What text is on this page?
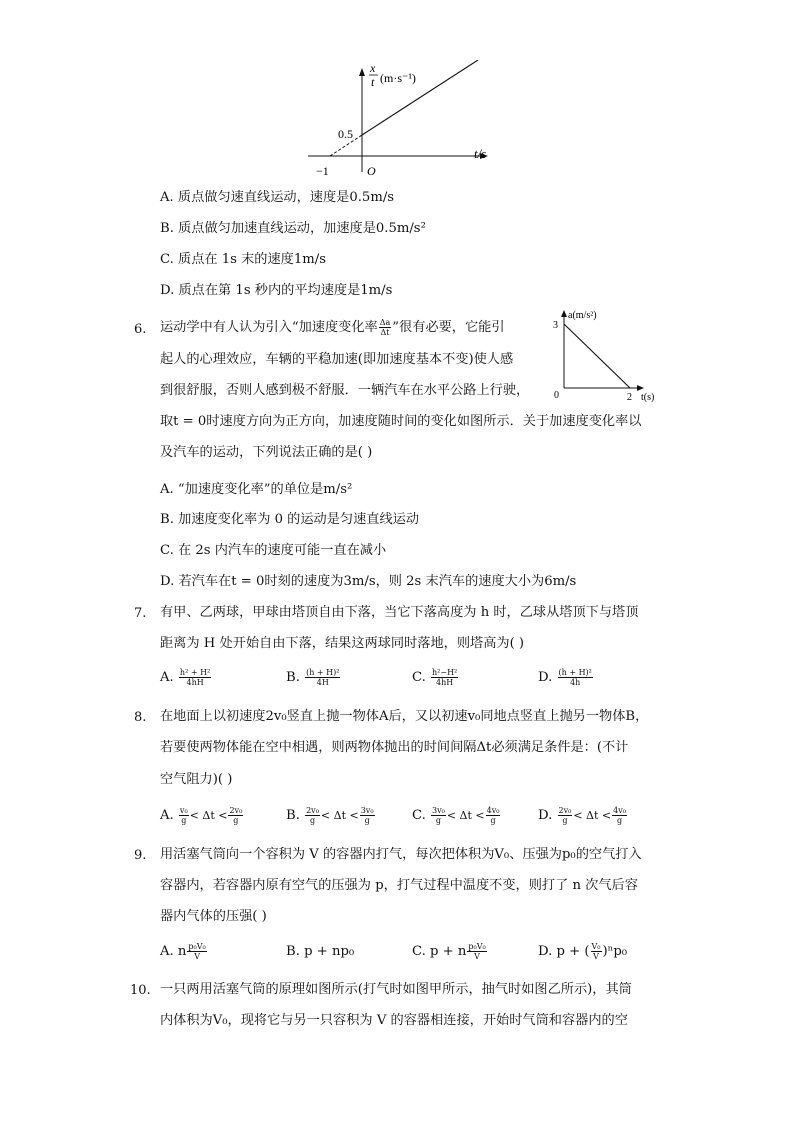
x
t (m·s⁻¹)
t/s
0.5
−1	O
A. 质点做匀速直线运动，速度是0.5m/s
B. 质点做匀加速直线运动，加速度是0.5m/s²
C. 质点在 1s 末的速度1m/s
D. 质点在第 1s 秒内的平均速度是1m/s
6. 运动学中有人认为引入“加速度变化率 $\frac{\Delta a}{\Delta t}$ ”很有必要，它能引
起人的心理效应，车辆的平稳加速(即加速度基本不变)使人感
到很舒服，否则人感到极不舒服．一辆汽车在水平公路上行驶，
取t = 0时速度方向为正方向，加速度随时间的变化如图所示．关于加速度变化率以
及汽车的运动，下列说法正确的是( )
a(m/s²)
t(s)
3
2
0
A. “加速度变化率”的单位是m/s²
B. 加速度变化率为 0 的运动是匀速直线运动
C. 在 2s 内汽车的速度可能一直在减小
D. 若汽车在t = 0时刻的速度为3m/s，则 2s 末汽车的速度大小为6m/s
7. 有甲、乙两球，甲球由塔顶自由下落，当它下落高度为 h 时，乙球从塔顶下与塔顶
距离为 H 处开始自由下落，结果这两球同时落地，则塔高为( )
A. $\frac{\text{h² + H²}}{4hH}$	B. $\frac{\text{(h + H)²}}{4H}$	C. $\frac{\text{h²−H²}}{4hH}$	D. $\frac{\text{(h + H)²}}{4h}$
8. 在地面上以初速度2v₀竖直上抛一物体A后，又以初速v₀同地点竖直上抛另一物体B，
若要使两物体能在空中相遇，则两物体抛出的时间间隔Δt必须满足条件是：(不计
空气阻力)( )
A. $\frac{\text{v₀}}{g} < \Delta t < \frac{\text{2v₀}}{g}$	B. $\frac{\text{2v₀}}{g} < \Delta t < \frac{\text{3v₀}}{g}$	C. $\frac{\text{3v₀}}{g} < \Delta t < \frac{\text{4v₀}}{g}$	D. $\frac{\text{2v₀}}{g} < \Delta t < \frac{\text{4v₀}}{g}$
9. 用活塞气筒向一个容积为 V 的容器内打气，每次把体积为V₀、压强为p₀的空气打入
容器内，若容器内原有空气的压强为 p，打气过程中温度不变，则打了 n 次气后容
器内气体的压强( )
A. n $\frac{\text{p₀V₀}}{V}$	B. p + np₀	C. p + n $\frac{\text{p₀V₀}}{V}$	D. p + ( $\frac{\text{V₀}}{V} )^np_0$
10. 一只两用活塞气筒的原理如图所示(打气时如图甲所示，抽气时如图乙所示)，其筒
内体积为V₀，现将它与另一只容积为 V 的容器相连接，开始时气筒和容器内的空
